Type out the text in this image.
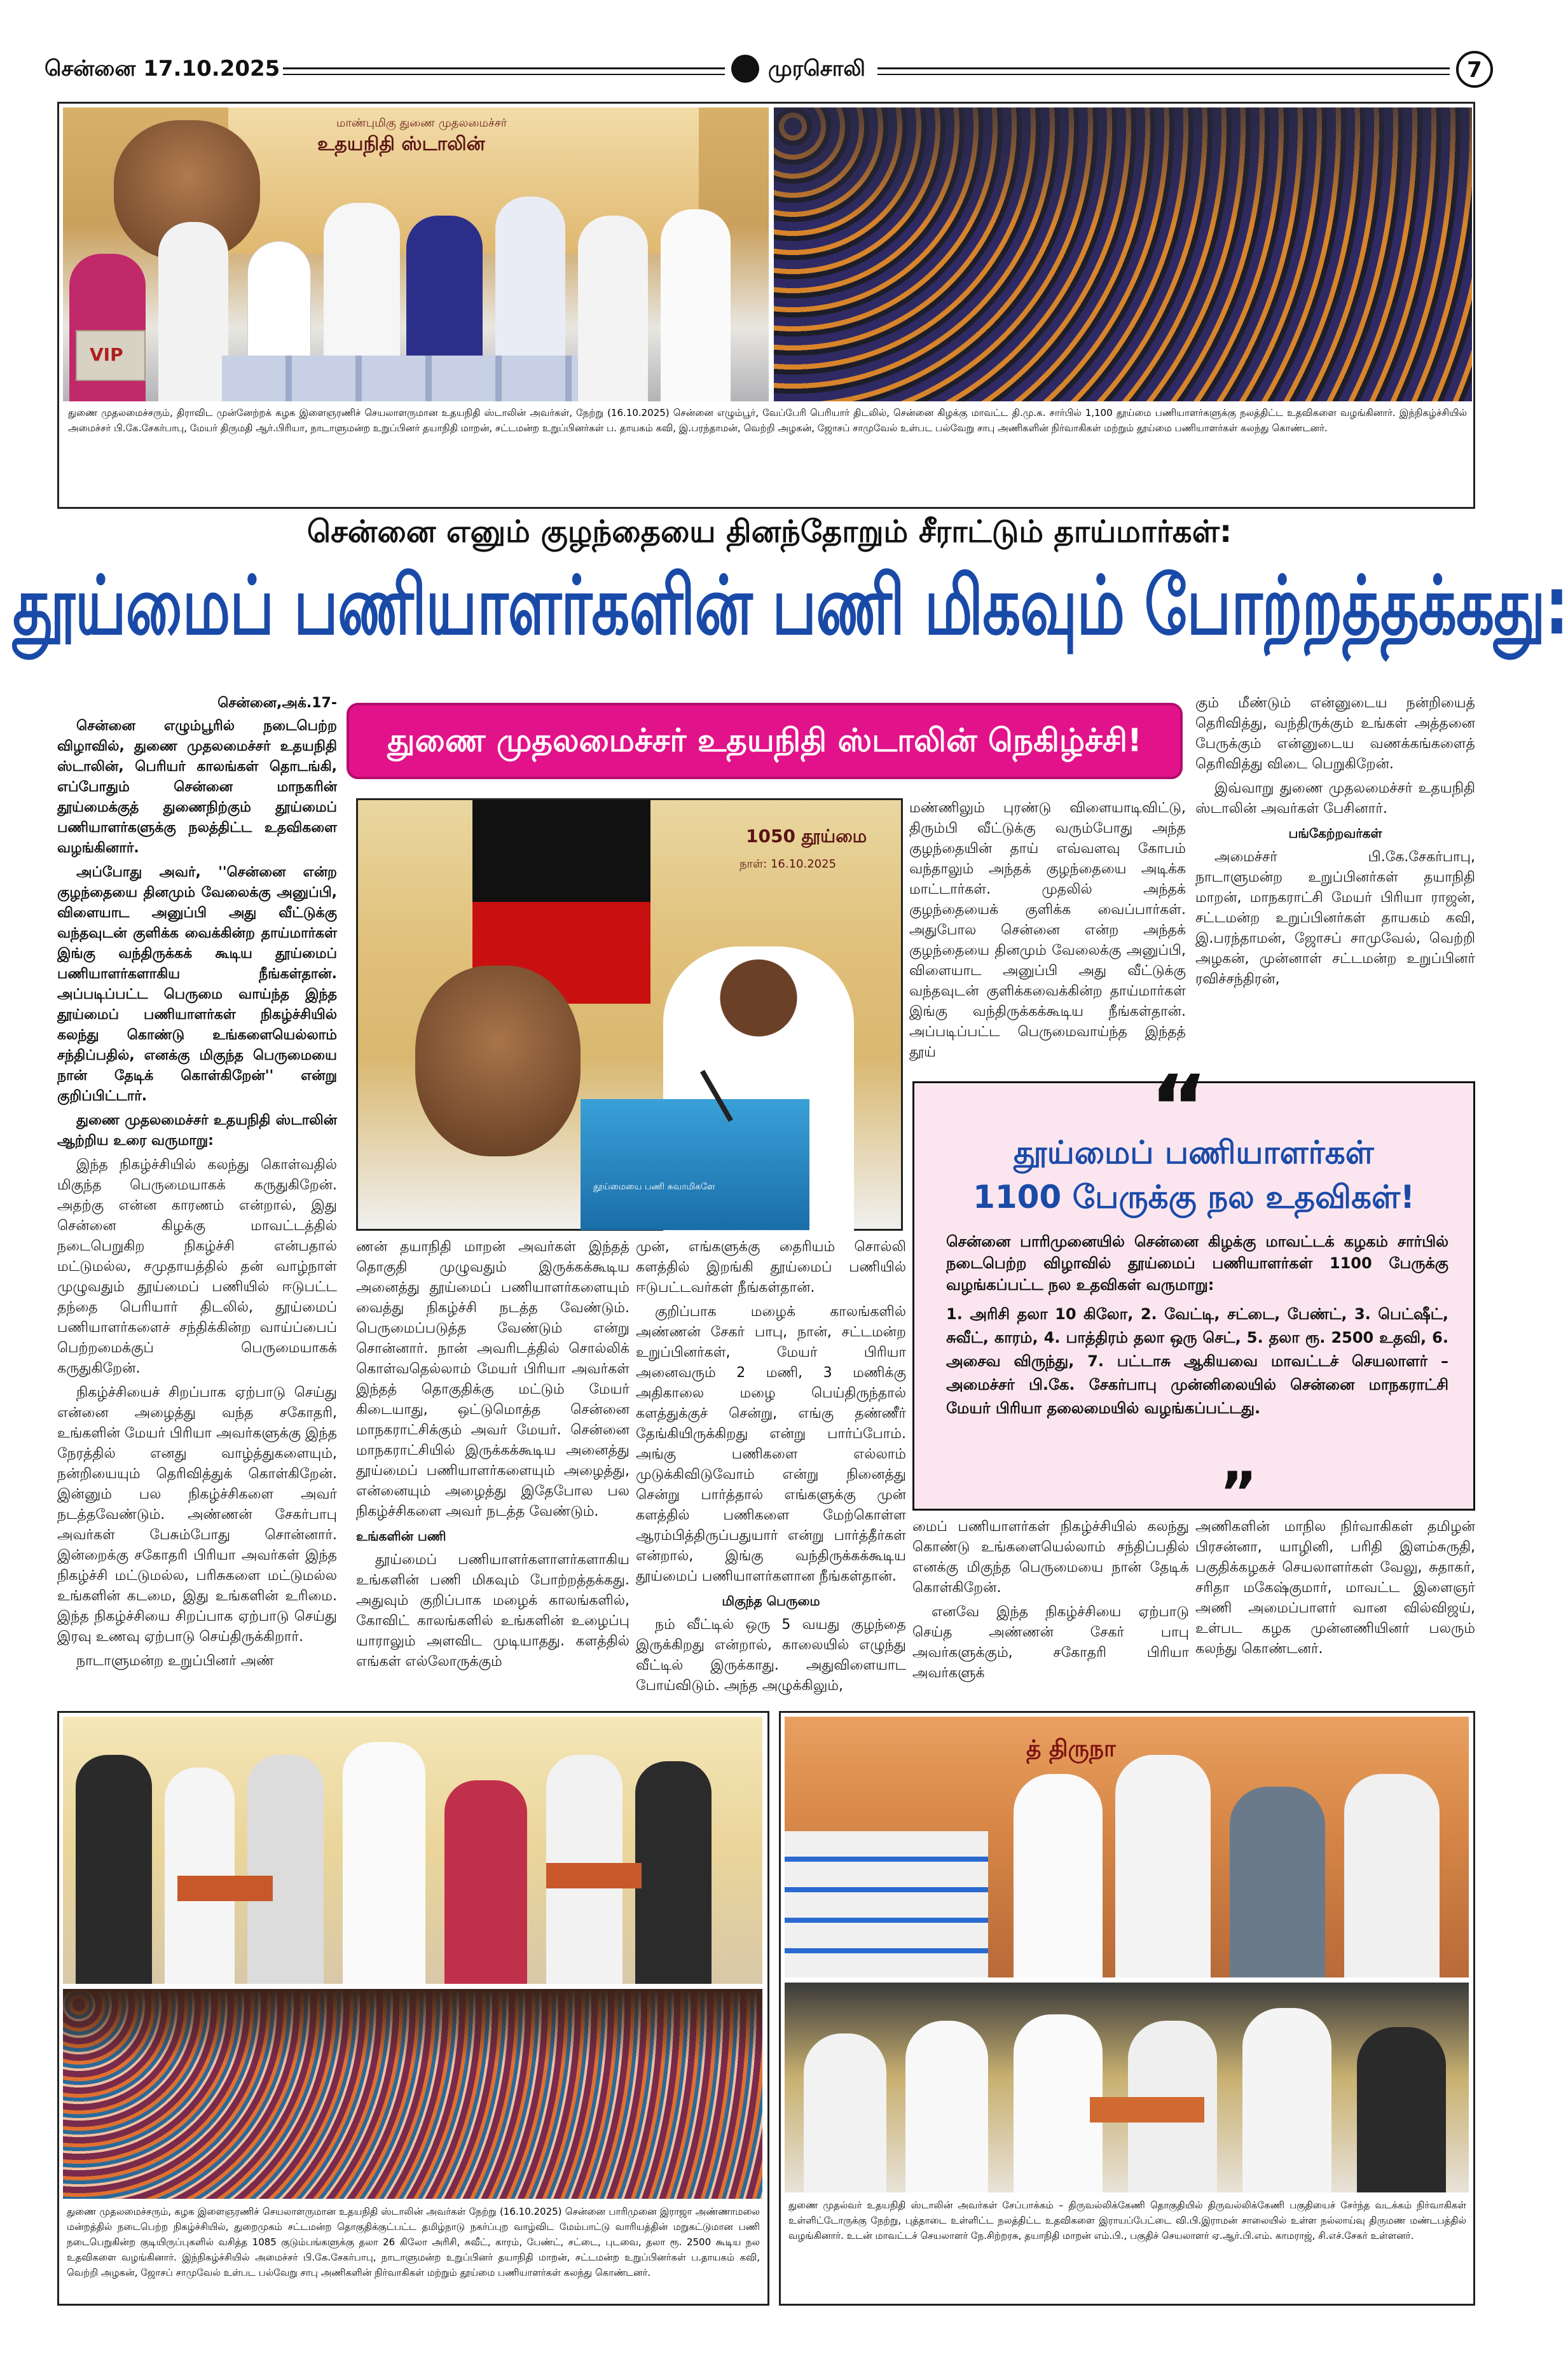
சென்னை 17.10.2025	முரசொலி	7
மாண்புமிகு துணை முதலமைச்சர்
உதயநிதி ஸ்டாலின்
VIP
துணை முதலமைச்சரும், திராவிட முன்னேற்றக் கழக இளைஞரணிச் செயலாளருமான உதயநிதி ஸ்டாலின் அவர்கள், நேற்று (16.10.2025) சென்னை எழும்பூர், வேப்பேரி பெரியார் திடலில், சென்னை கிழக்கு மாவட்ட தி.மு.க. சார்பில் 1,100 தூய்மை பணியாளர்களுக்கு நலத்திட்ட உதவிகளை வழங்கினார். இந்நிகழ்ச்சியில் அமைச்சர் பி.கே.சேகர்பாபு, மேயர் திருமதி ஆர்.பிரியா, நாடாளுமன்ற உறுப்பினர் தயாநிதி மாறன், சட்டமன்ற உறுப்பினர்கள் ப. தாயகம் கவி, இ.பரந்தாமன், வெற்றி அழகன், ஜோசப் சாமுவேல் உள்பட பல்வேறு சாபு அணிகளின் நிர்வாகிகள் மற்றும் தூய்மை பணியாளர்கள் கலந்து கொண்டனர்.
சென்னை எனும் குழந்தையை தினந்தோறும் சீராட்டும் தாய்மார்கள்:
தூய்மைப் பணியாளர்களின் பணி மிகவும் போற்றத்தக்கது:
துணை முதலமைச்சர் உதயநிதி ஸ்டாலின் நெகிழ்ச்சி!
சென்னை,அக்.17-

சென்னை எழும்பூரில் நடைபெற்ற விழாவில், துணை முதலமைச்சர் உதயநிதி ஸ்டாலின், பெரியர் காலங்கள் தொடங்கி, எப்போதும் சென்னை மாநகரின் தூய்மைக்குத் துணைநிற்கும் தூய்மைப் பணியாளர்களுக்கு நலத்திட்ட உதவிகளை வழங்கினார்.

அப்போது அவர், ''சென்னை என்ற குழந்தையை தினமும் வேலைக்கு அனுப்பி, விளையாட அனுப்பி அது வீட்டுக்கு வந்தவுடன் குளிக்க வைக்கின்ற தாய்மார்கள் இங்கு வந்திருக்கக் கூடிய தூய்மைப் பணியாளர்களாகிய நீங்கள்தான். அப்படிப்பட்ட பெருமை வாய்ந்த இந்த தூய்மைப் பணியாளர்கள் நிகழ்ச்சியில் கலந்து கொண்டு உங்களையெல்லாம் சந்திப்பதில், எனக்கு மிகுந்த பெருமையை நான் தேடிக் கொள்கிறேன்'' என்று குறிப்பிட்டார்.

துணை முதலமைச்சர் உதயநிதி ஸ்டாலின் ஆற்றிய உரை வருமாறு:

இந்த நிகழ்ச்சியில் கலந்து கொள்வதில் மிகுந்த பெருமையாகக் கருதுகிறேன். அதற்கு என்ன காரணம் என்றால், இது சென்னை கிழக்கு மாவட்டத்தில் நடைபெறுகிற நிகழ்ச்சி என்பதால் மட்டுமல்ல, சமுதாயத்தில் தன் வாழ்நாள் முழுவதும் தூய்மைப் பணியில் ஈடுபட்ட தந்தை பெரியார் திடலில், தூய்மைப் பணியாளர்களைச் சந்திக்கின்ற வாய்ப்பைப் பெற்றமைக்குப் பெருமையாகக் கருதுகிறேன்.

நிகழ்ச்சியைச் சிறப்பாக ஏற்பாடு செய்து என்னை அழைத்து வந்த சகோதரி, உங்களின் மேயர் பிரியா அவர்களுக்கு இந்த நேரத்தில் எனது வாழ்த்துகளையும், நன்றியையும் தெரிவித்துக் கொள்கிறேன். இன்னும் பல நிகழ்ச்சிகளை அவர் நடத்தவேண்டும். அண்ணன் சேகர்பாபு அவர்கள் பேசும்போது சொன்னார். இன்றைக்கு சகோதரி பிரியா அவர்கள் இந்த நிகழ்ச்சி மட்டுமல்ல, பரிசுகளை மட்டுமல்ல உங்களின் கடமை, இது உங்களின் உரிமை. இந்த நிகழ்ச்சியை சிறப்பாக ஏற்பாடு செய்து இரவு உணவு ஏற்பாடு செய்திருக்கிறார்.

நாடாளுமன்ற உறுப்பினர் அண்

1050 தூய்மை
நாள்: 16.10.2025
தூய்மையை பணி சுவாமிகளே

ணன் தயாநிதி மாறன் அவர்கள் இந்தத் தொகுதி முழுவதும் இருக்கக்கூடிய அனைத்து தூய்மைப் பணியாளர்களையும் வைத்து நிகழ்ச்சி நடத்த வேண்டும். பெருமைப்படுத்த வேண்டும் என்று சொன்னார். நான் அவரிடத்தில் சொல்லிக் கொள்வதெல்லாம் மேயர் பிரியா அவர்கள் இந்தத் தொகுதிக்கு மட்டும் மேயர் கிடையாது, ஒட்டுமொத்த சென்னை மாநகராட்சிக்கும் அவர் மேயர். சென்னை மாநகராட்சியில் இருக்கக்கூடிய அனைத்து தூய்மைப் பணியாளர்களையும் அழைத்து, என்னையும் அழைத்து இதேபோல பல நிகழ்ச்சிகளை அவர் நடத்த வேண்டும்.

உங்களின் பணி

தூய்மைப் பணியாளர்களாளர்களாகிய உங்களின் பணி மிகவும் போற்றத்தக்கது. அதுவும் குறிப்பாக மழைக் காலங்களில், கோவிட் காலங்களில் உங்களின் உழைப்பு யாராலும் அளவிட முடியாதது. களத்தில் எங்கள் எல்லோருக்கும்

மண்ணிலும் புரண்டு விளையாடிவிட்டு, திரும்பி வீட்டுக்கு வரும்போது அந்த குழந்தையின் தாய் எவ்வளவு கோபம் வந்தாலும் அந்தக் குழந்தையை அடிக்க மாட்டார்கள். முதலில் அந்தக் குழந்தையைக் குளிக்க வைப்பார்கள். அதுபோல சென்னை என்ற அந்தக் குழந்தையை தினமும் வேலைக்கு அனுப்பி, விளையாட அனுப்பி அது வீட்டுக்கு வந்தவுடன் குளிக்கவைக்கின்ற தாய்மார்கள் இங்கு வந்திருக்கக்கூடிய நீங்கள்தான். அப்படிப்பட்ட பெருமைவாய்ந்த இந்தத் தூய்

முன், எங்களுக்கு தைரியம் சொல்லி களத்தில் இறங்கி தூய்மைப் பணியில் ஈடுபட்டவர்கள் நீங்கள்தான்.

குறிப்பாக மழைக் காலங்களில் அண்ணன் சேகர் பாபு, நான், சட்டமன்ற உறுப்பினர்கள், மேயர் பிரியா அனைவரும் 2 மணி, 3 மணிக்கு அதிகாலை மழை பெய்திருந்தால் களத்துக்குச் சென்று, எங்கு தண்ணீர் தேங்கியிருக்கிறது என்று பார்ப்போம். அங்கு பணிகளை எல்லாம் முடுக்கிவிடுவோம் என்று நினைத்து சென்று பார்த்தால் எங்களுக்கு முன் களத்தில் பணிகளை மேற்கொள்ள ஆரம்பித்திருப்பதுயார் என்று பார்த்தீர்கள் என்றால், இங்கு வந்திருக்கக்கூடிய தூய்மைப் பணியாளர்களான நீங்கள்தான்.

மிகுந்த பெருமை

நம் வீட்டில் ஒரு 5 வயது குழந்தை இருக்கிறது என்றால், காலையில் எழுந்து வீட்டில் இருக்காது. அதுவிளையாட போய்விடும். அந்த அழுக்கிலும்,

மைப் பணியாளர்கள் நிகழ்ச்சியில் கலந்து கொண்டு உங்களையெல்லாம் சந்திப்பதில் எனக்கு மிகுந்த பெருமையை நான் தேடிக் கொள்கிறேன்.

எனவே இந்த நிகழ்ச்சியை ஏற்பாடு செய்த அண்ணன் சேகர் பாபு அவர்களுக்கும், சகோதரி பிரியா அவர்களுக்

கும் மீண்டும் என்னுடைய நன்றியைத் தெரிவித்து, வந்திருக்கும் உங்கள் அத்தனை பேருக்கும் என்னுடைய வணக்கங்களைத் தெரிவித்து விடை பெறுகிறேன்.

இவ்வாறு துணை முதலமைச்சர் உதயநிதி ஸ்டாலின் அவர்கள் பேசினார்.

பங்கேற்றவர்கள்

அமைச்சர் பி.கே.சேகர்பாபு, நாடாளுமன்ற உறுப்பினர்கள் தயாநிதி மாறன், மாநகராட்சி மேயர் பிரியா ராஜன், சட்டமன்ற உறுப்பினர்கள் தாயகம் கவி, இ.பரந்தாமன், ஜோசப் சாமுவேல், வெற்றி அழகன், முன்னாள் சட்டமன்ற உறுப்பினர் ரவிச்சந்திரன்,

அணிகளின் மாநில நிர்வாகிகள் தமிழன் பிரசன்னா, யாழினி, பரிதி இளம்சுருதி, பகுதிக்கழகச் செயலாளர்கள் வேலு, சுதாகர், சரிதா மகேஷ்குமார், மாவட்ட இளைஞர் அணி அமைப்பாளர் வான வில்விஜய், உள்பட கழக முன்னணியினர் பலரும் கலந்து கொண்டனர்.

“
தூய்மைப் பணியாளர்கள்
1100 பேருக்கு நல உதவிகள்!
சென்னை பாரிமுனையில் சென்னை கிழக்கு மாவட்டக் கழகம் சார்பில் நடைபெற்ற விழாவில் தூய்மைப் பணியாளர்கள் 1100 பேருக்கு வழங்கப்பட்ட நல உதவிகள் வருமாறு:
1. அரிசி தலா 10 கிலோ, 2. வேட்டி, சட்டை, பேண்ட், 3. பெட்ஷீட், சுவீட், காரம், 4. பாத்திரம் தலா ஒரு செட், 5. தலா ரூ. 2500 உதவி, 6. அசைவ விருந்து, 7. பட்டாசு ஆகியவை மாவட்டச் செயலாளர் – அமைச்சர் பி.கே. சேகர்பாபு முன்னிலையில் சென்னை மாநகராட்சி மேயர் பிரியா தலைமையில் வழங்கப்பட்டது.
”
துணை முதலமைச்சரும், கழக இளைஞரணிச் செயலாளருமான உதயநிதி ஸ்டாலின் அவர்கள் நேற்று (16.10.2025) சென்னை பாரிமுனை இராஜா அண்ணாமலை மன்றத்தில் நடைபெற்ற நிகழ்ச்சியில், துறைமுகம் சட்டமன்ற தொகுதிக்குட்பட்ட தமிழ்நாடு நகர்ப்புற வாழ்விட மேம்பாட்டு வாரியத்தின் மறுகட்டுமான பணி நடைபெறுகின்ற குடியிருப்புகளில் வசித்த 1085 குடும்பங்களுக்கு தலா 26 கிலோ அரிசி, சுவீட், காரம், பேண்ட், சட்டை, புடவை, தலா ரூ. 2500 கூடிய நல உதவிகளை வழங்கினார். இந்நிகழ்ச்சியில் அமைச்சர் பி.கே.சேகர்பாபு, நாடாளுமன்ற உறுப்பினர் தயாநிதி மாறன், சட்டமன்ற உறுப்பினர்கள் ப.தாயகம் கவி, வெற்றி அழகன், ஜோசப் சாமுவேல் உள்பட பல்வேறு சாபு அணிகளின் நிர்வாகிகள் மற்றும் தூய்மை பணியாளர்கள் கலந்து கொண்டனர்.
த் திருநா
துணை முதல்வர் உதயநிதி ஸ்டாலின் அவர்கள் சேப்பாக்கம் – திருவல்லிக்கேணி தொகுதியில் திருவல்லிக்கேணி பகுதியைச் சேர்ந்த வடக்கம் நிர்வாகிகள் உள்ளிட்டோருக்கு நேற்று, புத்தாடை உள்ளிட்ட நலத்திட்ட உதவிகளை இராயப்பேட்டை வி.பி.இராமன் சாலையில் உள்ள நல்லாய்வு திருமண மண்டபத்தில் வழங்கினார். உடன் மாவட்டச் செயலாளர் நே.சிற்றரசு, தயாநிதி மாறன் எம்.பி., பகுதிச் செயலாளர் ஏ.ஆர்.பி.எம். காமராஜ், சி.எச்.சேகர் உள்ளனர்.
